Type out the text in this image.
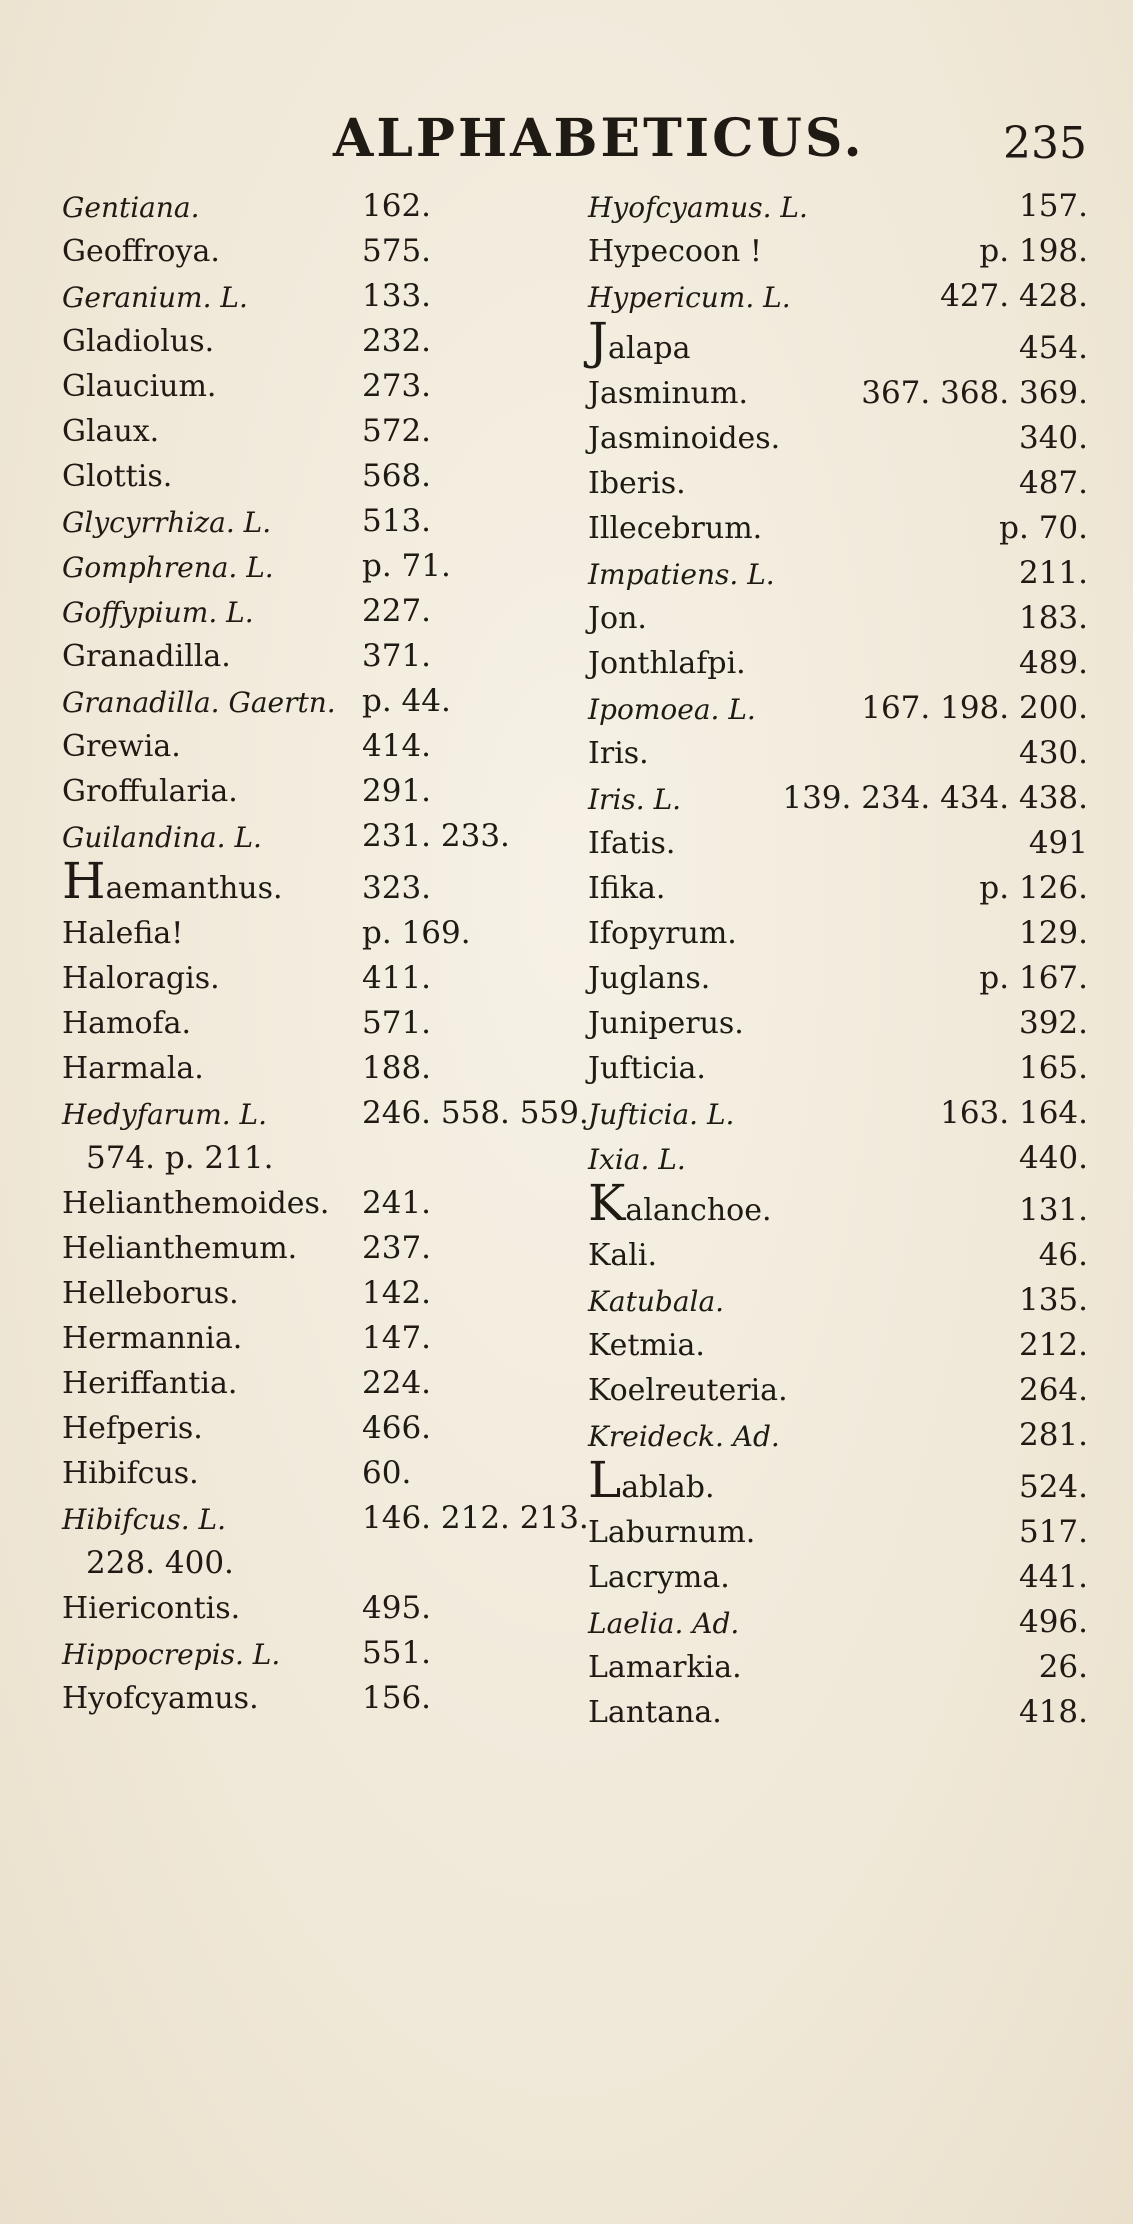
ALPHABETICUS.	235
Gentiana.	162.
Geoffroya.	575.
Geranium. L.	133.
Gladiolus.	232.
Glaucium.	273.
Glaux.	572.
Glottis.	568.
Glycyrrhiza. L.	513.
Gomphrena. L.	p. 71.
Goffypium. L.	227.
Granadilla.	371.
Granadilla. Gaertn. p. 44.
Grewia.	414.
Groffularia.	291.
Guilandina. L.	231. 233.
Haemanthus.	323.
Halefia!	p. 169.
Haloragis.	411.
Hamofa.	571.
Harmala.	188.
Hedyfarum. L.	246. 558. 559.
574. p. 211.
Helianthemoides. 241.
Helianthemum. 237.
Helleborus.	142.
Hermannia.	147.
Heriffantia.	224.
Hefperis.	466.
Hibifcus.	60.
Hibifcus. L.	146. 212. 213.
228. 400.
Hiericontis.	495.
Hippocrepis. L.	551.
Hyofcyamus.	156.
Hyofcyamus. L.	157.
Hypecoon !	p. 198.
Hypericum. L.	427. 428.
Jalapa	454.
Jasminum.	367. 368. 369.
Jasminoides.	340.
Iberis.	487.
Illecebrum.	p. 70.
Impatiens. L.	211.
Jon.	183.
Jonthlafpi.	489.
Ipomoea. L.	167. 198. 200.
Iris.	430.
Iris. L.	139. 234. 434. 438.
Ifatis.	491
Ifika.	p. 126.
Ifopyrum.	129.
Juglans.	p. 167.
Juniperus.	392.
Jufticia.	165.
Jufticia. L.	163. 164.
Ixia. L.	440.
Kalanchoe.	131.
Kali.	46.
Katubala.	135.
Ketmia.	212.
Koelreuteria.	264.
Kreideck. Ad.	281.
Lablab.	524.
Laburnum.	517.
Lacryma.	441.
Laelia. Ad.	496.
Lamarkia.	26.
Lantana.	418.
